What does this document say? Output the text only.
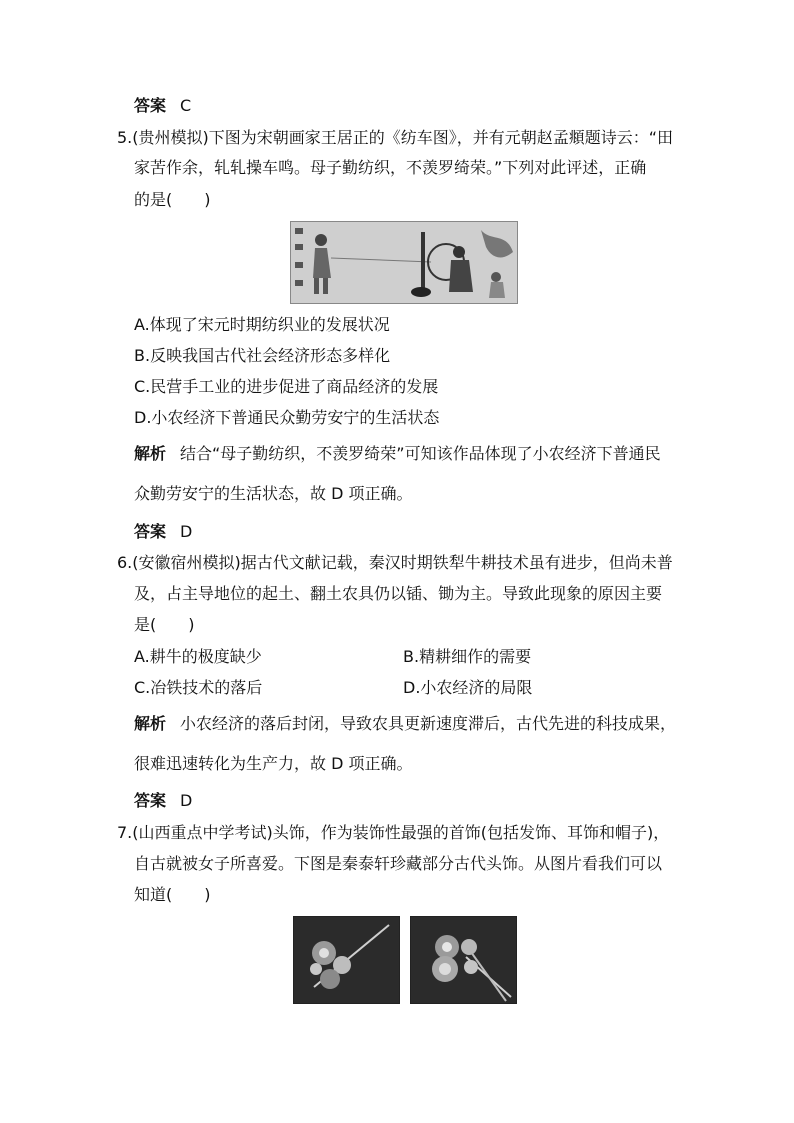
答案 C
5.(贵州模拟)下图为宋朝画家王居正的《纺车图》，并有元朝赵孟頫题诗云：“田
家苦作余，轧轧操车鸣。母子勤纺织，不羡罗绮荣。”下列对此评述，正确
的是(　　)
A.体现了宋元时期纺织业的发展状况
B.反映我国古代社会经济形态多样化
C.民营手工业的进步促进了商品经济的发展
D.小农经济下普通民众勤劳安宁的生活状态
解析 结合“母子勤纺织，不羡罗绮荣”可知该作品体现了小农经济下普通民
众勤劳安宁的生活状态，故 D 项正确。
答案 D
6.(安徽宿州模拟)据古代文献记载，秦汉时期铁犁牛耕技术虽有进步，但尚未普
及，占主导地位的起土、翻土农具仍以锸、锄为主。导致此现象的原因主要
是(　　)
A.耕牛的极度缺少	B.精耕细作的需要
C.冶铁技术的落后	D.小农经济的局限
解析 小农经济的落后封闭，导致农具更新速度滞后，古代先进的科技成果，
很难迅速转化为生产力，故 D 项正确。
答案 D
7.(山西重点中学考试)头饰，作为装饰性最强的首饰(包括发饰、耳饰和帽子)，
自古就被女子所喜爱。下图是秦泰轩珍藏部分古代头饰。从图片看我们可以
知道(　　)
